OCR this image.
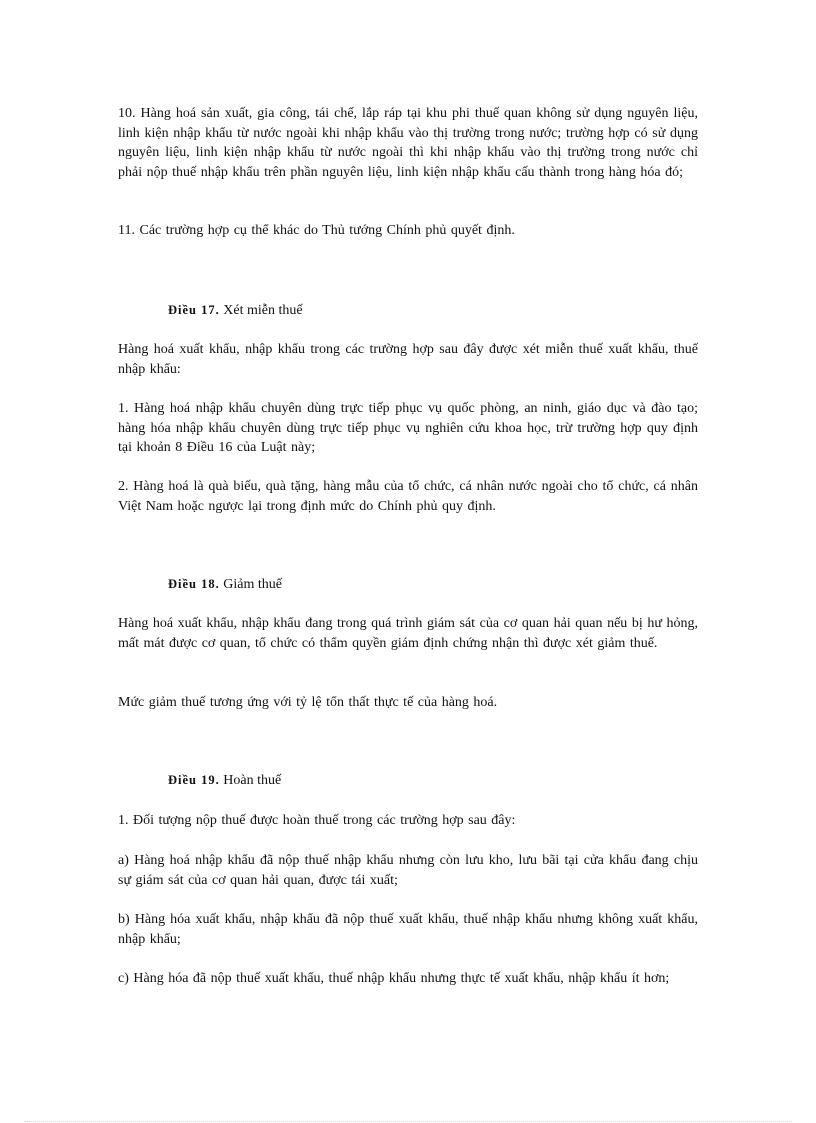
10. Hàng hoá sản xuất, gia công, tái chế, lắp ráp tại khu phi thuế quan không sử dụng nguyên liệu, linh kiện nhập khẩu từ nước ngoài khi nhập khẩu vào thị trường trong nước; trường hợp có sử dụng nguyên liệu, linh kiện nhập khẩu từ nước ngoài thì khi nhập khẩu vào thị trường trong nước chỉ phải nộp thuế nhập khẩu trên phần nguyên liệu, linh kiện nhập khẩu cấu thành trong hàng hóa đó;

11. Các trường hợp cụ thể khác do Thủ tướng Chính phủ quyết định.

Điều 17. Xét miễn thuế

Hàng hoá xuất khẩu, nhập khẩu trong các trường hợp sau đây được xét miễn thuế xuất khẩu, thuế nhập khẩu:

1. Hàng hoá nhập khẩu chuyên dùng trực tiếp phục vụ quốc phòng, an ninh, giáo dục và đào tạo; hàng hóa nhập khẩu chuyên dùng trực tiếp phục vụ nghiên cứu khoa học, trừ trường hợp quy định tại khoản 8 Điều 16 của Luật này;

2. Hàng hoá là quà biếu, quà tặng, hàng mẫu của tổ chức, cá nhân nước ngoài cho tổ chức, cá nhân Việt Nam hoặc ngược lại trong định mức do Chính phủ quy định.

Điều 18. Giảm thuế

Hàng hoá xuất khẩu, nhập khẩu đang trong quá trình giám sát của cơ quan hải quan nếu bị hư hỏng, mất mát được cơ quan, tổ chức có thẩm quyền giám định chứng nhận thì được xét giảm thuế.

Mức giảm thuế tương ứng với tỷ lệ tổn thất thực tế của hàng hoá.

Điều 19. Hoàn thuế

1. Đối tượng nộp thuế được hoàn thuế trong các trường hợp sau đây:

a) Hàng hoá nhập khẩu đã nộp thuế nhập khẩu nhưng còn lưu kho, lưu bãi tại cửa khẩu đang chịu sự giám sát của cơ quan hải quan, được tái xuất;

b) Hàng hóa xuất khẩu, nhập khẩu đã nộp thuế xuất khẩu, thuế nhập khẩu nhưng không xuất khẩu, nhập khẩu;

c) Hàng hóa đã nộp thuế xuất khẩu, thuế nhập khẩu nhưng thực tế xuất khẩu, nhập khẩu ít hơn;
